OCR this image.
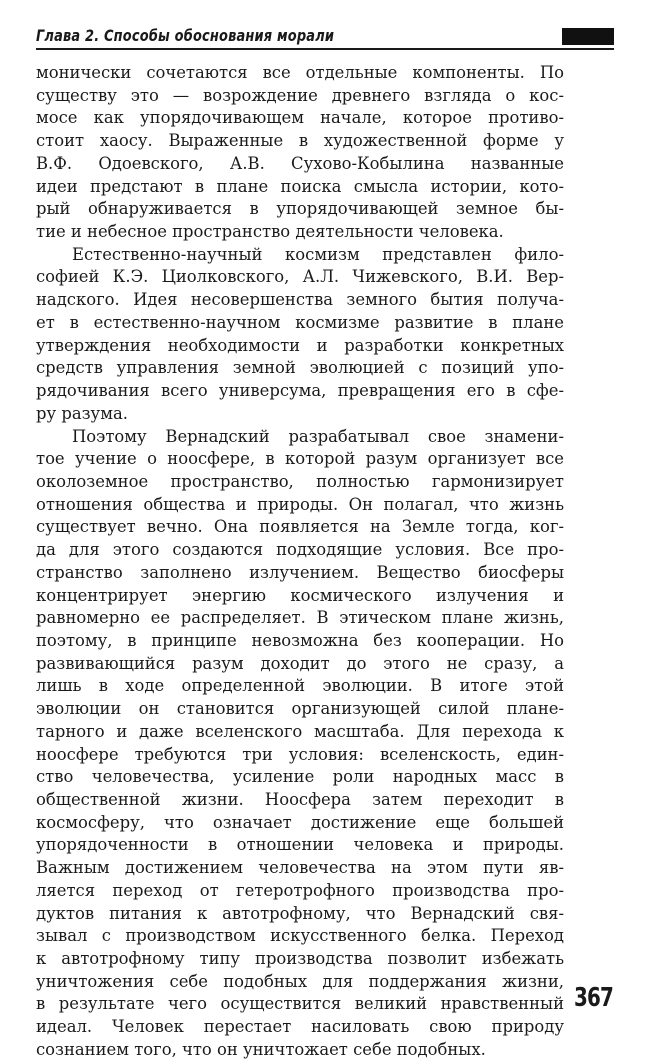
Глава 2. Способы обоснования морали
монически сочетаются все отдельные компоненты. По
существу это — возрождение древнего взгляда о кос-
мосе как упорядочивающем начале, которое противо-
стоит хаосу. Выраженные в художественной форме у
В.Ф. Одоевского, А.В. Сухово-Кобылина названные
идеи предстают в плане поиска смысла истории, кото-
рый обнаруживается в упорядочивающей земное бы-
тие и небесное пространство деятельности человека.
Естественно-научный космизм представлен фило-
софией К.Э. Циолковского, А.Л. Чижевского, В.И. Вер-
надского. Идея несовершенства земного бытия получа-
ет в естественно-научном космизме развитие в плане
утверждения необходимости и разработки конкретных
средств управления земной эволюцией с позиций упо-
рядочивания всего универсума, превращения его в сфе-
ру разума.
Поэтому Вернадский разрабатывал свое знамени-
тое учение о ноосфере, в которой разум организует все
околоземное пространство, полностью гармонизирует
отношения общества и природы. Он полагал, что жизнь
существует вечно. Она появляется на Земле тогда, ког-
да для этого создаются подходящие условия. Все про-
странство заполнено излучением. Вещество биосферы
концентрирует энергию космического излучения и
равномерно ее распределяет. В этическом плане жизнь,
поэтому, в принципе невозможна без кооперации. Но
развивающийся разум доходит до этого не сразу, а
лишь в ходе определенной эволюции. В итоге этой
эволюции он становится организующей силой плане-
тарного и даже вселенского масштаба. Для перехода к
ноосфере требуются три условия: вселенскость, един-
ство человечества, усиление роли народных масс в
общественной жизни. Ноосфера затем переходит в
космосферу, что означает достижение еще большей
упорядоченности в отношении человека и природы.
Важным достижением человечества на этом пути яв-
ляется переход от гетеротрофного производства про-
дуктов питания к автотрофному, что Вернадский свя-
зывал с производством искусственного белка. Переход
к автотрофному типу производства позволит избежать
уничтожения себе подобных для поддержания жизни,
в результате чего осуществится великий нравственный
идеал. Человек перестает насиловать свою природу
сознанием того, что он уничтожает себе подобных.
367
